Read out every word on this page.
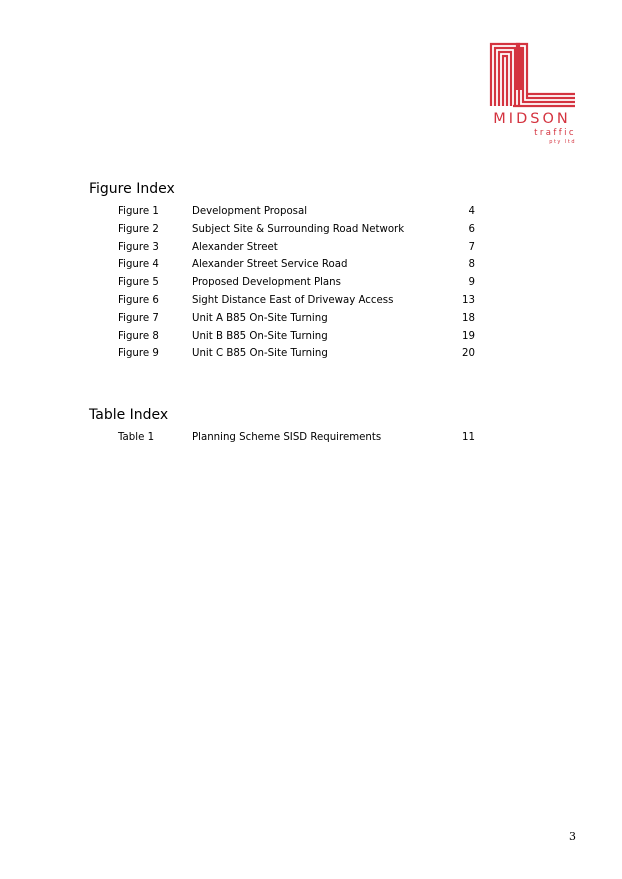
MIDSON
traffic
pty ltd
Figure Index
Figure 1	Development Proposal	4
Figure 2	Subject Site & Surrounding Road Network	6
Figure 3	Alexander Street	7
Figure 4	Alexander Street Service Road	8
Figure 5	Proposed Development Plans	9
Figure 6	Sight Distance East of Driveway Access	13
Figure 7	Unit A B85 On-Site Turning	18
Figure 8	Unit B B85 On-Site Turning	19
Figure 9	Unit C B85 On-Site Turning	20
Table Index
Table 1	Planning Scheme SISD Requirements	11
3
